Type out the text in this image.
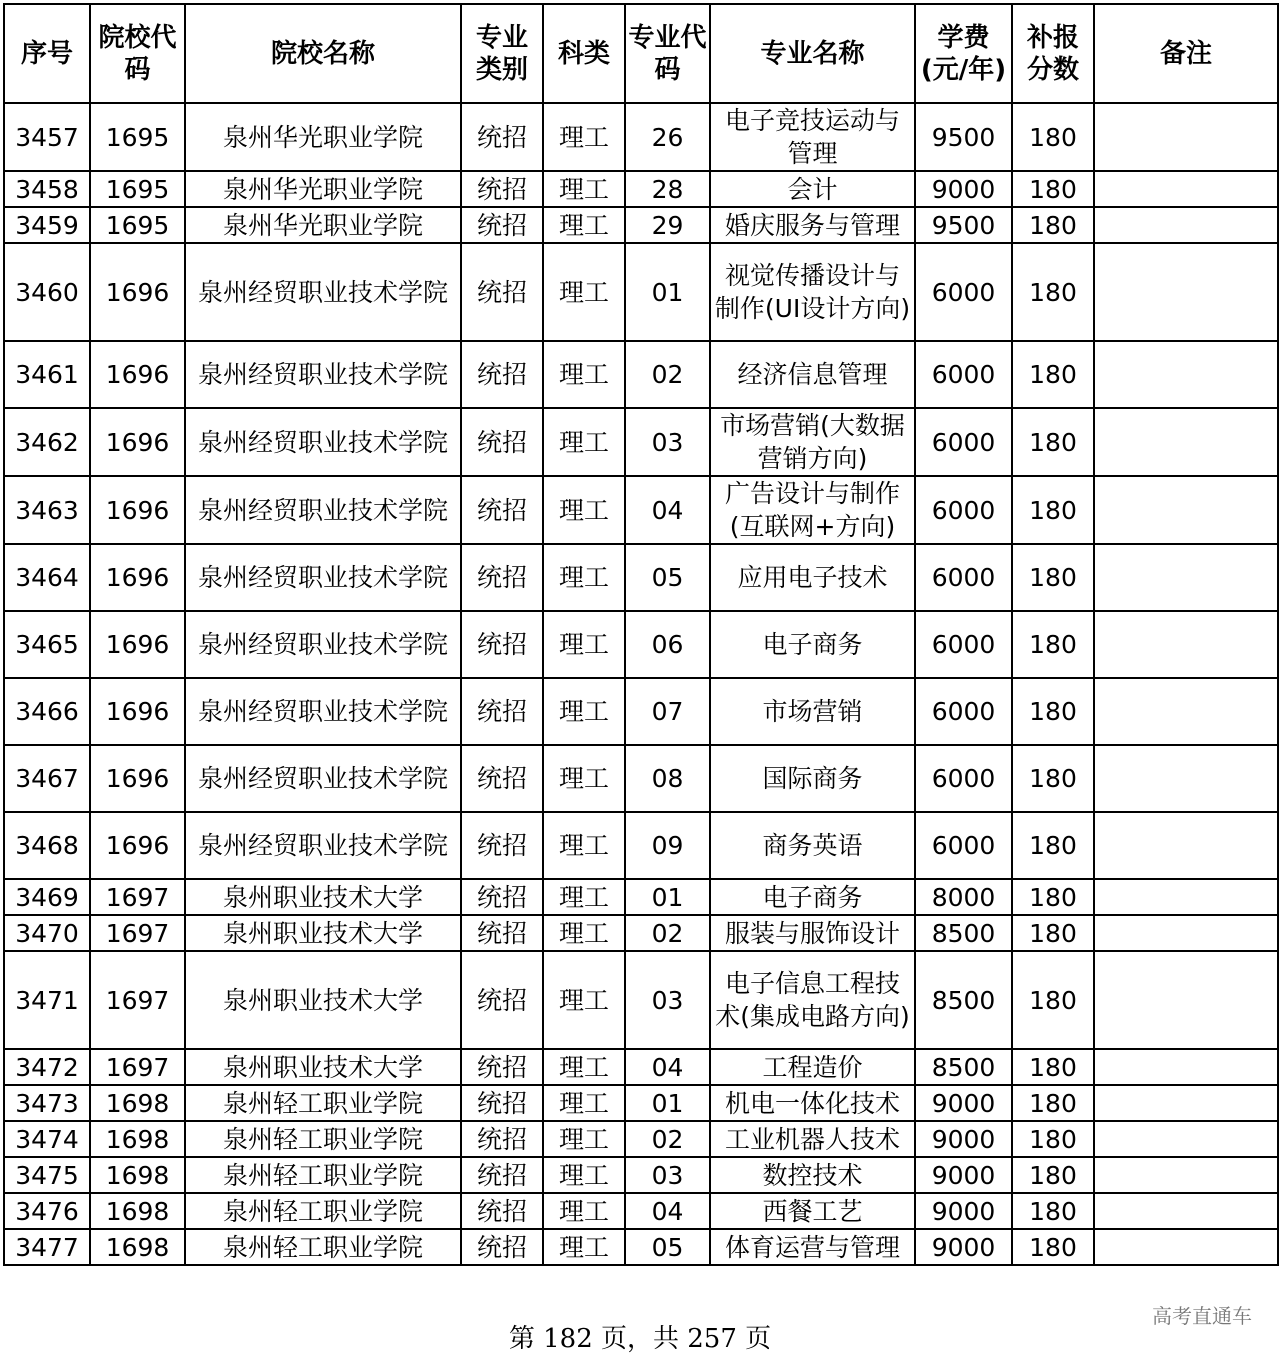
序号	院校代码	院校名称	专业类别	科类	专业代码	专业名称	学费(元/年)	补报分数	备注
3457	1695	泉州华光职业学院	统招	理工	26	电子竞技运动与管理	9500	180	
3458	1695	泉州华光职业学院	统招	理工	28	会计	9000	180	
3459	1695	泉州华光职业学院	统招	理工	29	婚庆服务与管理	9500	180	
3460	1696	泉州经贸职业技术学院	统招	理工	01	视觉传播设计与制作(UI设计方向)	6000	180	
3461	1696	泉州经贸职业技术学院	统招	理工	02	经济信息管理	6000	180	
3462	1696	泉州经贸职业技术学院	统招	理工	03	市场营销(大数据营销方向)	6000	180	
3463	1696	泉州经贸职业技术学院	统招	理工	04	广告设计与制作(互联网+方向)	6000	180	
3464	1696	泉州经贸职业技术学院	统招	理工	05	应用电子技术	6000	180	
3465	1696	泉州经贸职业技术学院	统招	理工	06	电子商务	6000	180	
3466	1696	泉州经贸职业技术学院	统招	理工	07	市场营销	6000	180	
3467	1696	泉州经贸职业技术学院	统招	理工	08	国际商务	6000	180	
3468	1696	泉州经贸职业技术学院	统招	理工	09	商务英语	6000	180	
3469	1697	泉州职业技术大学	统招	理工	01	电子商务	8000	180	
3470	1697	泉州职业技术大学	统招	理工	02	服装与服饰设计	8500	180	
3471	1697	泉州职业技术大学	统招	理工	03	电子信息工程技术(集成电路方向)	8500	180	
3472	1697	泉州职业技术大学	统招	理工	04	工程造价	8500	180	
3473	1698	泉州轻工职业学院	统招	理工	01	机电一体化技术	9000	180	
3474	1698	泉州轻工职业学院	统招	理工	02	工业机器人技术	9000	180	
3475	1698	泉州轻工职业学院	统招	理工	03	数控技术	9000	180	
3476	1698	泉州轻工职业学院	统招	理工	04	西餐工艺	9000	180	
3477	1698	泉州轻工职业学院	统招	理工	05	体育运营与管理	9000	180	
第 182 页，共 257 页
高考直通车
